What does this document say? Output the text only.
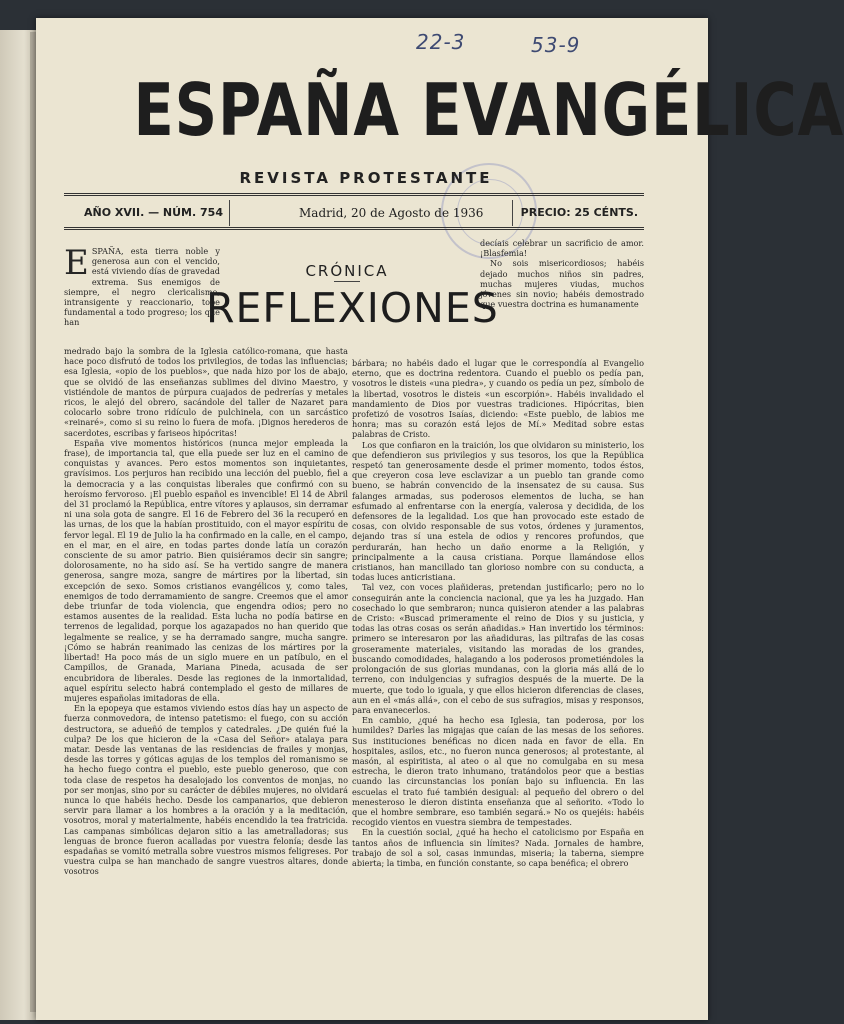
22-3	53-9
ESPAÑA EVANGÉLICA
REVISTA PROTESTANTE
AÑO XVII. — NÚM. 754	Madrid, 20 de Agosto de 1936	PRECIO: 25 CÉNTS.
CRÓNICA
REFLEXIONES
ESPAÑA, esta tierra noble y generosa aun con el vencido, está viviendo días de gravedad extrema. Sus enemigos de siempre, el negro clericalismo, intransigente y reaccionario, tope fundamental a todo progreso; los que han
medrado bajo la sombra de la Iglesia católico-romana, que hasta hace poco disfrutó de todos los privilegios, de todas las influencias; esa Iglesia, «opio de los pueblos», que nada hizo por los de abajo, que se olvidó de las enseñanzas sublimes del divino Maestro, y vistiéndole de mantos de púrpura cuajados de pedrerías y metales ricos, le alejó del obrero, sacándole del taller de Nazaret para colocarlo sobre trono ridículo de pulchinela, con un sarcástico «reinaré», como si su reino lo fuera de mofa. ¡Dignos herederos de sacerdotes, escribas y fariseos hipócritas!

España vive momentos históricos (nunca mejor empleada la frase), de importancia tal, que ella puede ser luz en el camino de conquistas y avances. Pero estos momentos son inquietantes, gravísimos. Los perjuros han recibido una lección del pueblo, fiel a la democracia y a las conquistas liberales que confirmó con su heroísmo fervoroso. ¡El pueblo español es invencible! El 14 de Abril del 31 proclamó la República, entre vítores y aplausos, sin derramar ni una sola gota de sangre. El 16 de Febrero del 36 la recuperó en las urnas, de los que la habían prostituido, con el mayor espíritu de fervor legal. El 19 de Julio la ha confirmado en la calle, en el campo, en el mar, en el aire, en todas partes donde latía un corazón consciente de su amor patrio. Bien quisiéramos decir sin sangre; dolorosamente, no ha sido así. Se ha vertido sangre de manera generosa, sangre moza, sangre de mártires por la libertad, sin excepción de sexo. Somos cristianos evangélicos y, como tales, enemigos de todo derramamiento de sangre. Creemos que el amor debe triunfar de toda violencia, que engendra odios; pero no estamos ausentes de la realidad. Esta lucha no podía batirse en terrenos de legalidad, porque los agazapados no han querido que legalmente se realice, y se ha derramado sangre, mucha sangre. ¡Cómo se habrán reanimado las cenizas de los mártires por la libertad! Ha poco más de un siglo muere en un patíbulo, en el Campillos, de Granada, Mariana Pineda, acusada de ser encubridora de liberales. Desde las regiones de la inmortalidad, aquel espíritu selecto habrá contemplado el gesto de millares de mujeres españolas imitadoras de ella.

En la epopeya que estamos viviendo estos días hay un aspecto de fuerza conmovedora, de intenso patetismo: el fuego, con su acción destructora, se adueñó de templos y catedrales. ¿De quién fué la culpa? De los que hicieron de la «Casa del Señor» atalaya para matar. Desde las ventanas de las residencias de frailes y monjas, desde las torres y góticas agujas de los templos del romanismo se ha hecho fuego contra el pueblo, este pueblo generoso, que con toda clase de respetos ha desalojado los conventos de monjas, no por ser monjas, sino por su carácter de débiles mujeres, no olvidará nunca lo que habéis hecho. Desde los campanarios, que debieron servir para llamar a los hombres a la oración y a la meditación, vosotros, moral y materialmente, habéis encendido la tea fratricida. Las campanas simbólicas dejaron sitio a las ametralladoras; sus lenguas de bronce fueron acalladas por vuestra felonía; desde las espadañas se vomitó metralla sobre vuestros mismos feligreses. Por vuestra culpa se han manchado de sangre vuestros altares, donde vosotros

decíais celebrar un sacrificio de amor. ¡Blasfemia!

No sois misericordiosos; habéis dejado muchos niños sin padres, muchas mujeres viudas, muchos jóvenes sin novio; habéis demostrado que vuestra doctrina es humanamente

bárbara; no habéis dado el lugar que le correspondía al Evangelio eterno, que es doctrina redentora. Cuando el pueblo os pedía pan, vosotros le disteis «una piedra», y cuando os pedía un pez, símbolo de la libertad, vosotros le disteis «un escorpión». Habéis invalidado el mandamiento de Dios por vuestras tradiciones. Hipócritas, bien profetizó de vosotros Isaías, diciendo: «Este pueblo, de labios me honra; mas su corazón está lejos de Mí.» Meditad sobre estas palabras de Cristo.

Los que confiaron en la traición, los que olvidaron su ministerio, los que defendieron sus privilegios y sus tesoros, los que la República respetó tan generosamente desde el primer momento, todos éstos, que creyeron cosa leve esclavizar a un pueblo tan grande como bueno, se habrán convencido de la insensatez de su causa. Sus falanges armadas, sus poderosos elementos de lucha, se han esfumado al enfrentarse con la energía, valerosa y decidida, de los defensores de la legalidad. Los que han provocado este estado de cosas, con olvido responsable de sus votos, órdenes y juramentos, dejando tras sí una estela de odios y rencores profundos, que perdurarán, han hecho un daño enorme a la Religión, y principalmente a la causa cristiana. Porque llamándose ellos cristianos, han mancillado tan glorioso nombre con su conducta, a todas luces anticristiana.

Tal vez, con voces plañideras, pretendan justificarlo; pero no lo conseguirán ante la conciencia nacional, que ya les ha juzgado. Han cosechado lo que sembraron; nunca quisieron atender a las palabras de Cristo: «Buscad primeramente el reino de Dios y su justicia, y todas las otras cosas os serán añadidas.» Han invertido los términos: primero se interesaron por las añadiduras, las piltrafas de las cosas groseramente materiales, visitando las moradas de los grandes, buscando comodidades, halagando a los poderosos prometiéndoles la prolongación de sus glorias mundanas, con la gloria más allá de lo terreno, con indulgencias y sufragios después de la muerte. De la muerte, que todo lo iguala, y que ellos hicieron diferencias de clases, aun en el «más allá», con el cebo de sus sufragios, misas y responsos, para envanecerlos.

En cambio, ¿qué ha hecho esa Iglesia, tan poderosa, por los humildes? Darles las migajas que caían de las mesas de los señores. Sus instituciones benéficas no dicen nada en favor de ella. En hospitales, asilos, etc., no fueron nunca generosos; al protestante, al masón, al espiritista, al ateo o al que no comulgaba en su mesa estrecha, le dieron trato inhumano, tratándolos peor que a bestias cuando las circunstancias los ponían bajo su influencia. En las escuelas el trato fué también desigual: al pequeño del obrero o del menesteroso le dieron distinta enseñanza que al señorito. «Todo lo que el hombre sembrare, eso también segará.» No os quejéis: habéis recogido vientos en vuestra siembra de tempestades.

En la cuestión social, ¿qué ha hecho el catolicismo por España en tantos años de influencia sin límites? Nada. Jornales de hambre, trabajo de sol a sol, casas inmundas, miseria; la taberna, siempre abierta; la timba, en función constante, so capa benéfica; el obrero
